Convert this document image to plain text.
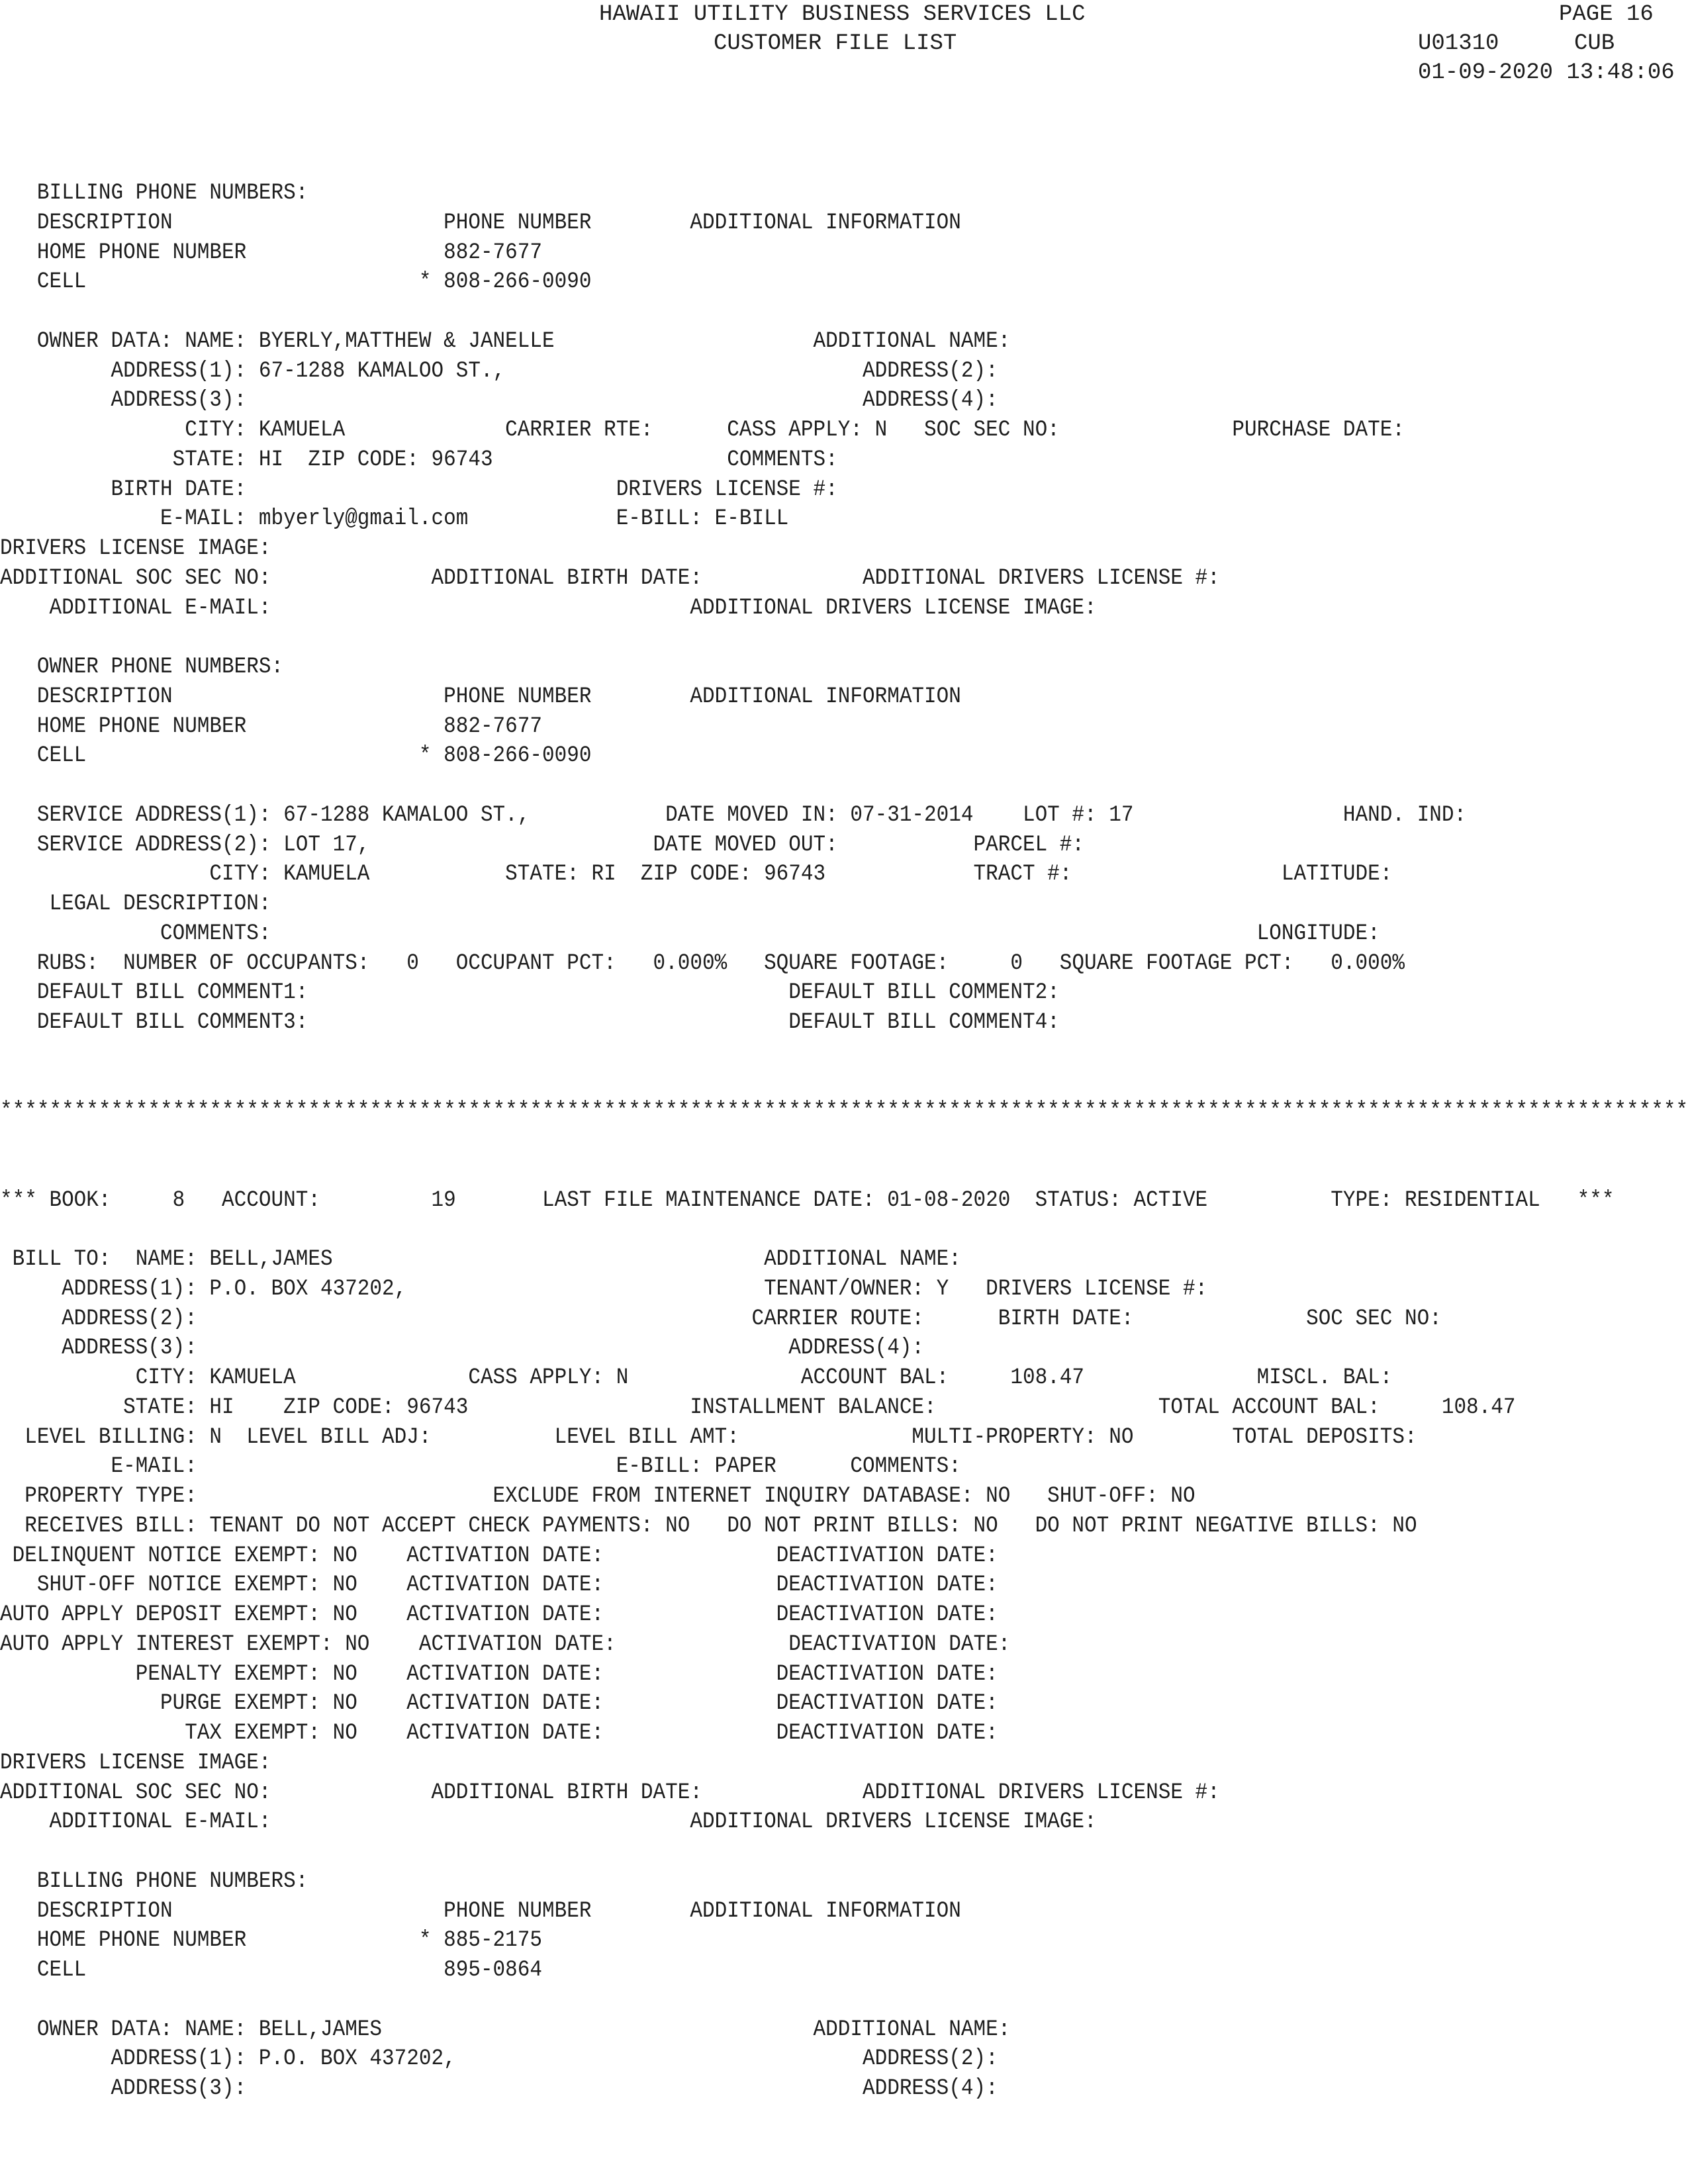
HAWAII UTILITY BUSINESS SERVICES LLC	PAGE 16
CUSTOMER FILE LIST	U01310	CUB
01-09-2020 13:48:06
BILLING PHONE NUMBERS:
DESCRIPTION                      PHONE NUMBER        ADDITIONAL INFORMATION
HOME PHONE NUMBER                882-7677
CELL                           * 808-266-0090
OWNER DATA: NAME: BYERLY,MATTHEW & JANELLE                     ADDITIONAL NAME:
ADDRESS(1): 67-1288 KAMALOO ST.,                             ADDRESS(2):
ADDRESS(3):                                                  ADDRESS(4):
CITY: KAMUELA             CARRIER RTE:      CASS APPLY: N   SOC SEC NO:              PURCHASE DATE:
STATE: HI  ZIP CODE: 96743                   COMMENTS:
BIRTH DATE:                              DRIVERS LICENSE #:
E-MAIL: mbyerly@gmail.com            E-BILL: E-BILL
DRIVERS LICENSE IMAGE:
ADDITIONAL SOC SEC NO:             ADDITIONAL BIRTH DATE:             ADDITIONAL DRIVERS LICENSE #:
ADDITIONAL E-MAIL:                                  ADDITIONAL DRIVERS LICENSE IMAGE:
OWNER PHONE NUMBERS:
DESCRIPTION                      PHONE NUMBER        ADDITIONAL INFORMATION
HOME PHONE NUMBER                882-7677
CELL                           * 808-266-0090
SERVICE ADDRESS(1): 67-1288 KAMALOO ST.,           DATE MOVED IN: 07-31-2014    LOT #: 17                 HAND. IND:
SERVICE ADDRESS(2): LOT 17,                       DATE MOVED OUT:           PARCEL #:
CITY: KAMUELA           STATE: RI  ZIP CODE: 96743            TRACT #:                 LATITUDE:
LEGAL DESCRIPTION:
COMMENTS:                                                                                LONGITUDE:
RUBS:  NUMBER OF OCCUPANTS:   0   OCCUPANT PCT:   0.000%   SQUARE FOOTAGE:     0   SQUARE FOOTAGE PCT:   0.000%
DEFAULT BILL COMMENT1:                                       DEFAULT BILL COMMENT2:
DEFAULT BILL COMMENT3:                                       DEFAULT BILL COMMENT4:
*****************************************************************************************************************************************
*** BOOK:     8   ACCOUNT:         19       LAST FILE MAINTENANCE DATE: 01-08-2020  STATUS: ACTIVE          TYPE: RESIDENTIAL   ***
BILL TO:  NAME: BELL,JAMES                                   ADDITIONAL NAME:
ADDRESS(1): P.O. BOX 437202,                             TENANT/OWNER: Y   DRIVERS LICENSE #:
ADDRESS(2):                                             CARRIER ROUTE:      BIRTH DATE:              SOC SEC NO:
ADDRESS(3):                                                ADDRESS(4):
CITY: KAMUELA              CASS APPLY: N              ACCOUNT BAL:     108.47              MISCL. BAL:
STATE: HI    ZIP CODE: 96743                  INSTALLMENT BALANCE:                  TOTAL ACCOUNT BAL:     108.47
LEVEL BILLING: N  LEVEL BILL ADJ:          LEVEL BILL AMT:              MULTI-PROPERTY: NO        TOTAL DEPOSITS:
E-MAIL:                                  E-BILL: PAPER      COMMENTS:
PROPERTY TYPE:                        EXCLUDE FROM INTERNET INQUIRY DATABASE: NO   SHUT-OFF: NO
RECEIVES BILL: TENANT DO NOT ACCEPT CHECK PAYMENTS: NO   DO NOT PRINT BILLS: NO   DO NOT PRINT NEGATIVE BILLS: NO
DELINQUENT NOTICE EXEMPT: NO    ACTIVATION DATE:              DEACTIVATION DATE:
SHUT-OFF NOTICE EXEMPT: NO    ACTIVATION DATE:              DEACTIVATION DATE:
AUTO APPLY DEPOSIT EXEMPT: NO    ACTIVATION DATE:              DEACTIVATION DATE:
AUTO APPLY INTEREST EXEMPT: NO    ACTIVATION DATE:              DEACTIVATION DATE:
PENALTY EXEMPT: NO    ACTIVATION DATE:              DEACTIVATION DATE:
PURGE EXEMPT: NO    ACTIVATION DATE:              DEACTIVATION DATE:
TAX EXEMPT: NO    ACTIVATION DATE:              DEACTIVATION DATE:
DRIVERS LICENSE IMAGE:
ADDITIONAL SOC SEC NO:             ADDITIONAL BIRTH DATE:             ADDITIONAL DRIVERS LICENSE #:
ADDITIONAL E-MAIL:                                  ADDITIONAL DRIVERS LICENSE IMAGE:
BILLING PHONE NUMBERS:
DESCRIPTION                      PHONE NUMBER        ADDITIONAL INFORMATION
HOME PHONE NUMBER              * 885-2175
CELL                             895-0864
OWNER DATA: NAME: BELL,JAMES                                   ADDITIONAL NAME:
ADDRESS(1): P.O. BOX 437202,                                 ADDRESS(2):
ADDRESS(3):                                                  ADDRESS(4):
